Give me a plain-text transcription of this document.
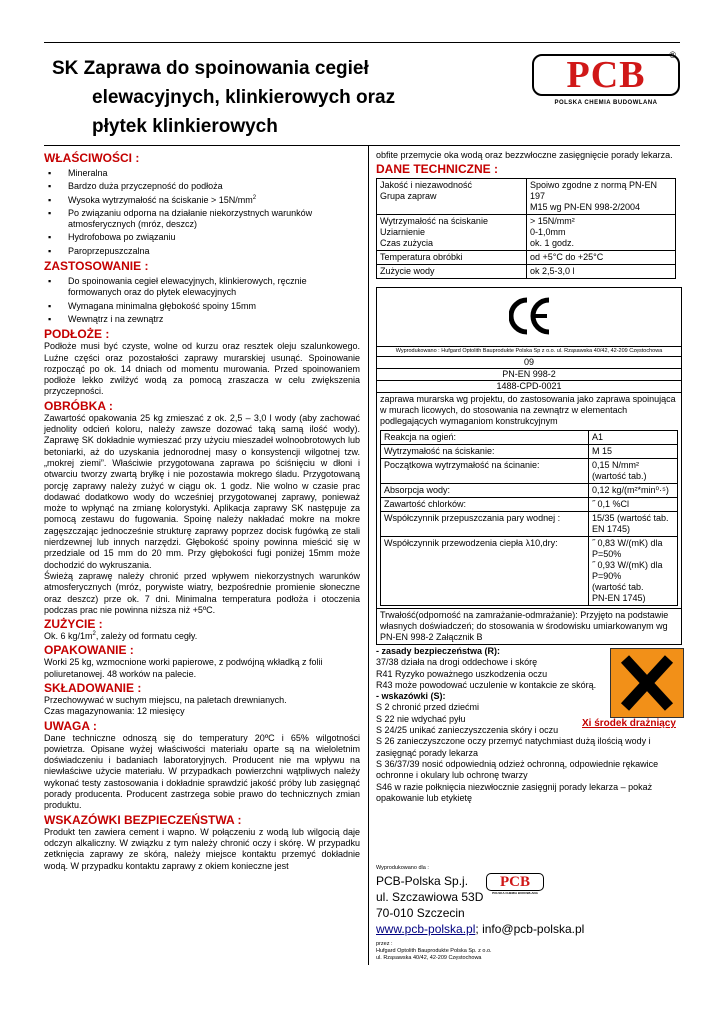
SK Zaprawa do spoinowania cegieł
elewacyjnych, klinkierowych oraz
płytek klinkierowych
PCB	®
POLSKA CHEMIA BUDOWLANA
WŁAŚCIWOŚCI :
▪ Mineralna
▪ Bardzo duża przyczepność do podłoża
▪ Wysoka wytrzymałość na ściskanie > $15N/mm^2$
▪ Po związaniu odporna na działanie niekorzystnych warunków atmosferycznych (mróz, deszcz)
▪ Hydrofobowa po związaniu
▪ Paroprzepuszczalna
ZASTOSOWANIE :
▪ Do spoinowania cegieł elewacyjnych, klinkierowych, ręcznie formowanych oraz do płytek elewacyjnych
▪ Wymagana minimalna głębokość spoiny 15mm
▪ Wewnątrz i na zewnątrz
PODŁOŻE :

Podłoże musi być czyste, wolne od kurzu oraz resztek oleju szalunkowego. Luźne części oraz pozostałości zaprawy murarskiej usunąć. Spoinowanie rozpocząć po ok. 14 dniach od momentu murowania. Przed spoinowaniem podłoże lekko zwilżyć wodą za pomocą zraszacza w celu zwiększenia przyczepności.

OBRÓBKA :

Zawartość opakowania 25 kg zmieszać z ok. 2,5 – 3,0 l wody (aby zachować jednolity odcień koloru, należy zawsze dozować taką samą ilość wody). Zaprawę SK dokładnie wymieszać przy użyciu mieszadeł wolnoobrotowych lub betoniarki, aż do uzyskania jednorodnej masy o konsystencji wilgotnej tzw. „mokrej ziemi”. Właściwie przygotowana zaprawa po ściśnięciu w dłoni i otwarciu tworzy zwartą bryłkę i nie pozostawia mokrego śladu. Przygotowaną porcję zaprawy należy zużyć w ciągu ok. 1 godz. Nie wolno w czasie prac dodawać dodatkowo wody do wcześniej przygotowanej zaprawy, ponieważ może to wpłynąć na zmianę kolorystyki. Aplikacja zaprawy SK następuje za pomocą zestawu do fugowania. Spoinę należy nakładać mokre na mokre zagęszczając jednocześnie strukturę zaprawy poprzez docisk fugówką ze stali nierdzewnej lub innych narzędzi. Głębokość spoiny powinna mieścić się w przedziale od 15 mm do 20 mm. Przy głębokości fugi poniżej 15mm może dochodzić do wykruszania.

Świeżą zaprawę należy chronić przed wpływem niekorzystnych warunków atmosferycznych (mróz, porywiste wiatry, bezpośrednie promienie słoneczne oraz deszcz) prze ok. 7 dni. Minimalna temperatura podłoża i otoczenia podczas prac nie powinna niższa niż +5ºC.

ZUŻYCIE :

Ok. 6 $kg/1m^2$, zależy od formatu cegły.

OPAKOWANIE :

Worki 25 kg, wzmocnione worki papierowe, z podwójną wkładką z folii poliuretanowej. 48 worków na palecie.

SKŁADOWANIE :

Przechowywać w suchym miejscu, na paletach drewnianych.

Czas magazynowania: 12 miesięcy

UWAGA :

Dane techniczne odnoszą się do temperatury 20ºC i 65% wilgotności powietrza. Opisane wyżej właściwości materiału oparte są na wieloletnim doświadczeniu i badaniach laboratoryjnych. Producent nie ma wpływu na niewłaściwe użycie materiału. W przypadkach powierzchni wątpliwych należy wykonać testy zastosowania i dokładnie sprawdzić jakość próby lub zasięgnąć porady producenta. Producent zastrzega sobie prawo do technicznych zmian produktu.

WSKAZÓWKI BEZPIECZEŃSTWA :

Produkt ten zawiera cement i wapno. W połączeniu z wodą lub wilgocią daje odczyn alkaliczny. W związku z tym należy chronić oczy i skórę. W przypadku zetknięcia zaprawy ze skórą, należy miejsce kontaktu przemyć dokładnie wodą. W przypadku kontaktu zaprawy z okiem konieczne jest

obfite przemycie oka wodą oraz bezzwłoczne zasięgnięcie porady lekarza.

DANE TECHNICZNE :
Jakość i niezawodność
Grupa zapraw	Spoiwo zgodne z normą PN-EN 197
M15 wg PN-EN 998-2/2004
Wytrzymałość na ściskanie
Uziarnienie
Czas zużycia	> 15N/mm²
0-1,0mm
ok. 1 godz.
Temperatura obróbki	od +5°C do +25°C
Zużycie wody	ok 2,5-3,0 l
Wyprodukowano : Hufgard Optolith Bauprodukte Polska Sp z o.o. ul. Rząsawska 40/42, 42-209 Częstochowa
09
PN-EN 998-2
1488-CPD-0021
zaprawa murarska wg projektu, do zastosowania jako zaprawa spoinująca w murach licowych, do stosowania na zewnątrz w elementach podlegających wymaganiom konstrukcyjnym
Reakcja na ogień:	A1
Wytrzymałość na ściskanie:	M 15
Początkowa wytrzymałość na ścinanie:	0,15 N/mm² (wartość tab.)
Absorpcja wody:	0,12 kg/(m²*min⁰·⁵)
Zawartość chlorków:	˝ 0,1 %Cl
Współczynnik przepuszczania pary wodnej :	15/35 (wartość tab.
EN 1745)
Współczynnik przewodzenia ciepła λ10,dry:	˝ 0,83 W/(mK) dla P=50%
˝ 0,93 W/(mK) dla P=90%
(wartość tab.
PN-EN 1745)
Trwałość(odporność na zamrażanie-odmrażanie): Przyjęto na podstawie własnych doświadczeń; do stosowania w środowisku umiarkowanym wg PN-EN 998-2 Załącznik B

- zasady bezpieczeństwa (R):

37/38 działa na drogi oddechowe i skórę

R41 Ryzyko poważnego uszkodzenia oczu

R43 może powodować uczulenie w kontakcie ze skórą.

- wskazówki (S):

S 2 chronić przed dziećmi

S 22 nie wdychać pyłu

S 24/25 unikać zanieczyszczenia skóry i oczu

S 26 zanieczyszczone oczy przemyć natychmiast dużą ilością wody i zasięgnąć porady lekarza

S 36/37/39 nosić odpowiednią odzież ochronną, odpowiednie rękawice ochronne i okulary lub ochronę twarzy

S46 w razie połknięcia niezwłocznie zasięgnij porady lekarza – pokaż opakowanie lub etykietę

Xi środek drażniący

Wyprodukowano dla :

PCB
POLSKA CHEMIA BUDOWLANA

PCB-Polska Sp.j.

ul. Szczawiowa 53D

70-010 Szczecin

www.pcb-polska.pl; info@pcb-polska.pl

przez :

Hufgard Optolith Bauprodukte Polska Sp. z o.o.

ul. Rząsawska 40/42, 42-209 Częstochowa
